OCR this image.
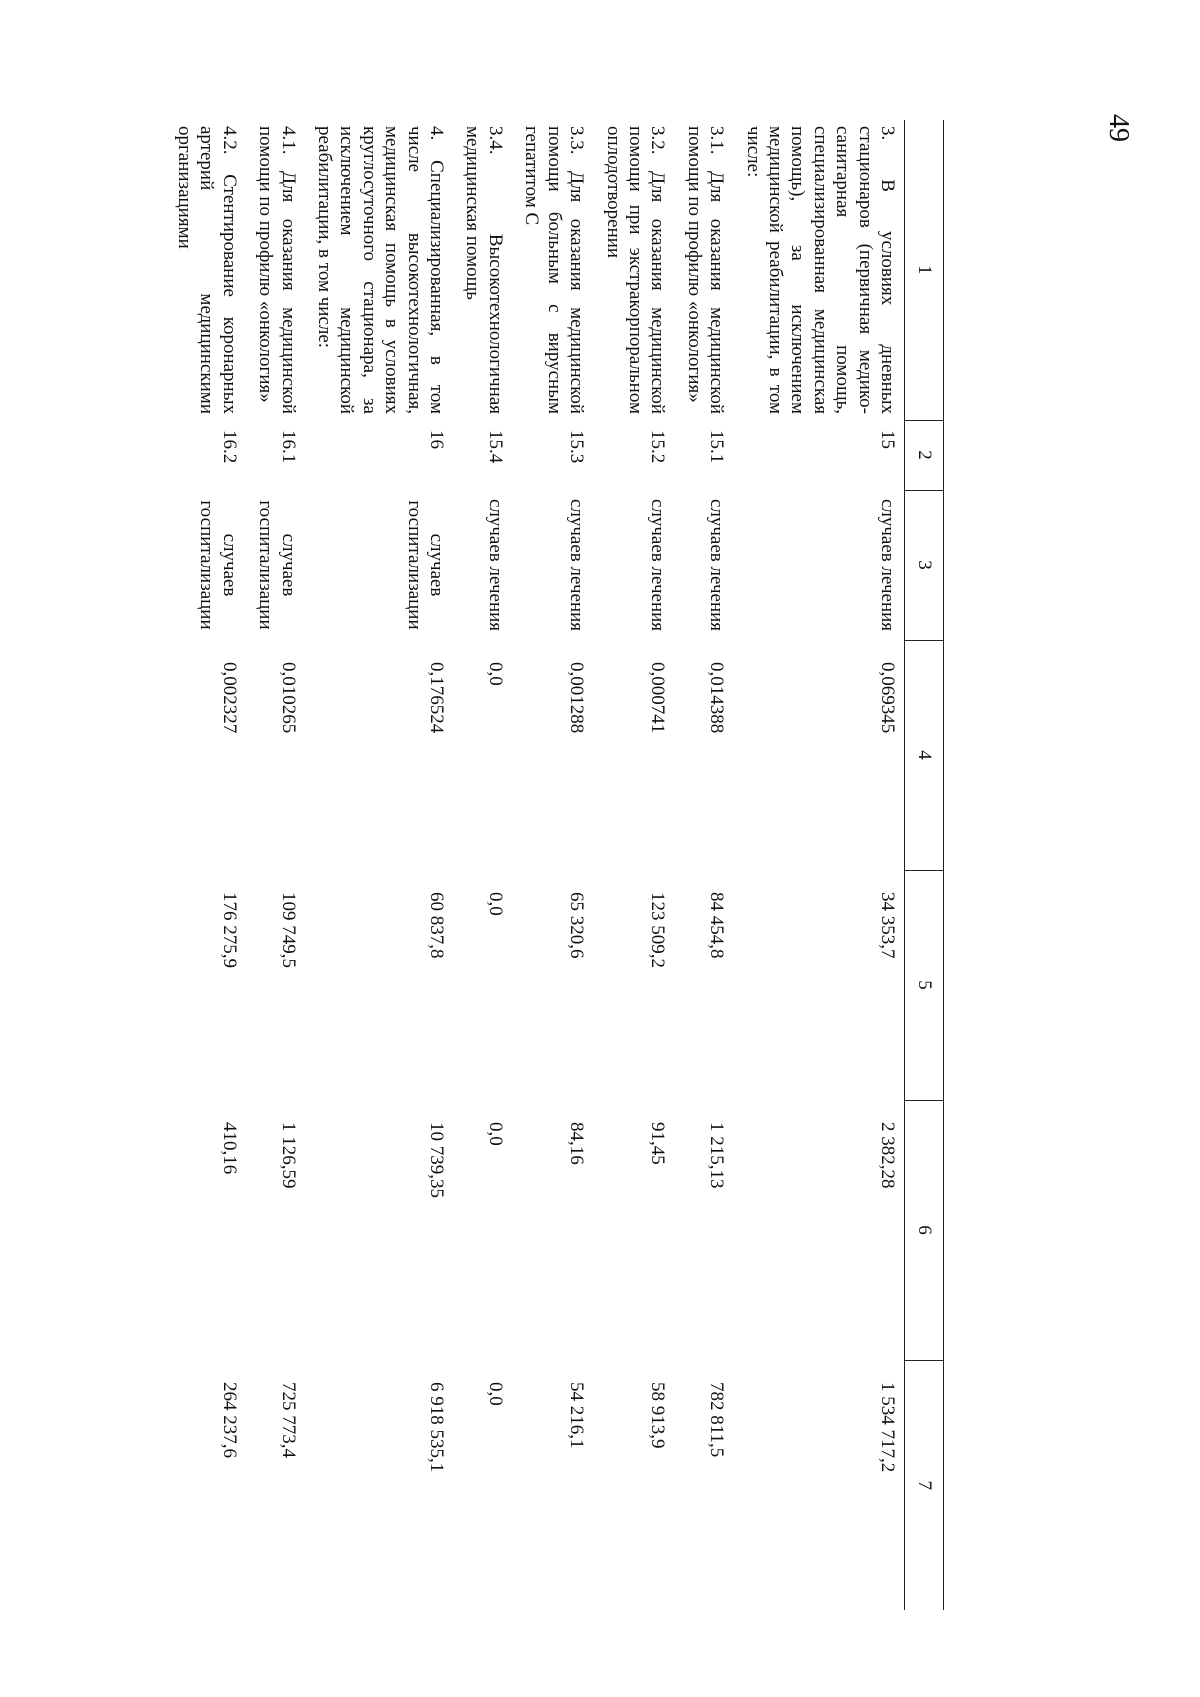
49
1	2	3	4	5	6	7
3. В условиях дневных стационаров (первичная медико-санитарная помощь, специализированная медицинская помощь), за исключением медицинской реабилитации, в том числе:	15	случаев лечения	0,069345	34 353,7	2 382,28	1 534 717,2
3.1. Для оказания медицинской помощи по профилю «онкология»	15.1	случаев лечения	0,014388	84 454,8	1 215,13	782 811,5
3.2. Для оказания медицинской помощи при экстракорпоральном оплодотворении	15.2	случаев лечения	0,000741	123 509,2	91,45	58 913,9
3.3. Для оказания медицинской помощи больным с вирусным гепатитом С	15.3	случаев лечения	0,001288	65 320,6	84,16	54 216,1
3.4. Высокотехнологичная медицинская помощь	15.4	случаев лечения	0,0	0,0	0,0	0,0
4. Специализированная, в том числе высокотехнологичная, медицинская помощь в условиях круглосуточного стационара, за исключением медицинской реабилитации, в том числе:	16	случаев госпитализации	0,176524	60 837,8	10 739,35	6 918 535,1
4.1. Для оказания медицинской помощи по профилю «онкология»	16.1	случаев госпитализации	0,010265	109 749,5	1 126,59	725 773,4
4.2. Стентирование коронарных артерий медицинскими организациями	16.2	случаев госпитализации	0,002327	176 275,9	410,16	264 237,6
